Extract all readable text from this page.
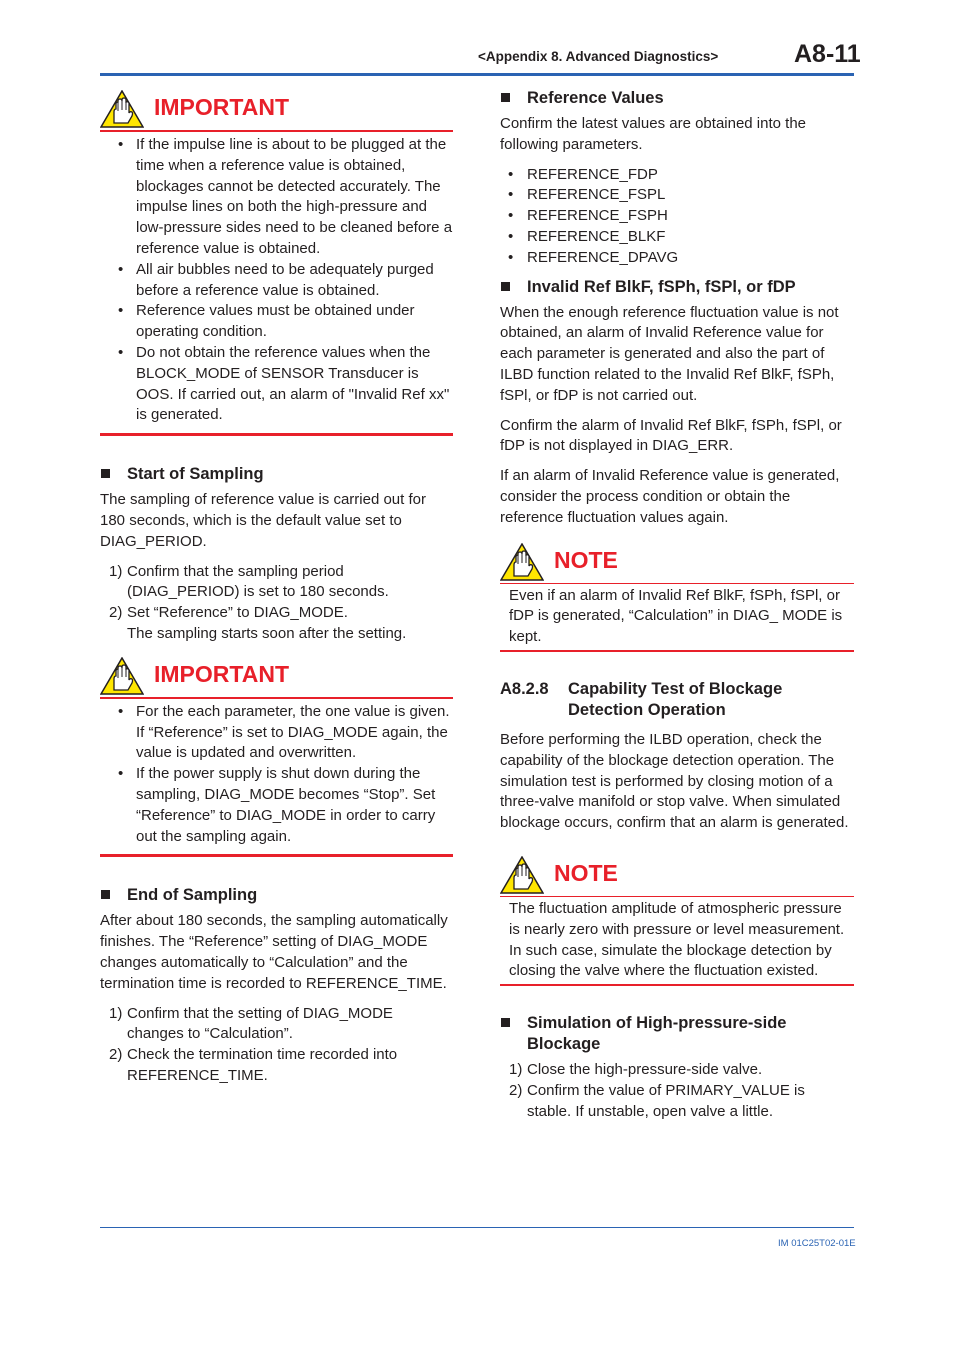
<Appendix 8. Advanced Diagnostics>	A8-11
IMPORTANT
• If the impulse line is about to be plugged at the time when a reference value is obtained, blockages cannot be detected accurately. The impulse lines on both the high-pressure and low-pressure sides need to be cleaned before a reference value is obtained.
• All air bubbles need to be adequately purged before a reference value is obtained.
• Reference values must be obtained under operating condition.
• Do not obtain the reference values when the BLOCK_MODE of SENSOR Transducer is OOS. If carried out, an alarm of "Invalid Ref xx" is generated.
Start of Sampling

The sampling of reference value is carried out for 180 seconds, which is the default value set to DIAG_PERIOD.

1) Confirm that the sampling period
(DIAG_PERIOD) is set to 180 seconds.
2) Set “Reference” to DIAG_MODE.
The sampling starts soon after the setting.
IMPORTANT
• For the each parameter, the one value is given. If “Reference” is set to DIAG_MODE again, the value is updated and overwritten.
• If the power supply is shut down during the sampling, DIAG_MODE becomes “Stop”. Set “Reference” to DIAG_MODE in order to carry out the sampling again.
End of Sampling

After about 180 seconds, the sampling automatically finishes. The “Reference” setting of DIAG_MODE changes automatically to “Calculation” and the termination time is recorded to REFERENCE_TIME.

1) Confirm that the setting of DIAG_MODE
changes to “Calculation”.
2) Check the termination time recorded into
REFERENCE_TIME.
Reference Values

Confirm the latest values are obtained into the following parameters.

• REFERENCE_FDP
• REFERENCE_FSPL
• REFERENCE_FSPH
• REFERENCE_BLKF
• REFERENCE_DPAVG
Invalid Ref BlkF, fSPh, fSPl, or fDP

When the enough reference fluctuation value is not obtained, an alarm of Invalid Reference value for each parameter is generated and also the part of ILBD function related to the Invalid Ref BlkF, fSPh, fSPl, or fDP is not carried out.

Confirm the alarm of Invalid Ref BlkF, fSPh, fSPl, or fDP is not displayed in DIAG_ERR.

If an alarm of Invalid Reference value is generated, consider the process condition or obtain the reference fluctuation values again.

NOTE

Even if an alarm of Invalid Ref BlkF, fSPh, fSPl, or fDP is generated, “Calculation” in DIAG_ MODE is kept.

A8.2.8 Capability Test of Blockage Detection Operation

Before performing the ILBD operation, check the capability of the blockage detection operation. The simulation test is performed by closing motion of a three-valve manifold or stop valve. When simulated blockage occurs, confirm that an alarm is generated.

NOTE

The fluctuation amplitude of atmospheric pressure is nearly zero with pressure or level measurement. In such case, simulate the blockage detection by closing the valve where the fluctuation existed.

Simulation of High-pressure-side Blockage
1) Close the high-pressure-side valve.
2) Confirm the value of PRIMARY_VALUE is
stable. If unstable, open valve a little.
IM 01C25T02-01E
